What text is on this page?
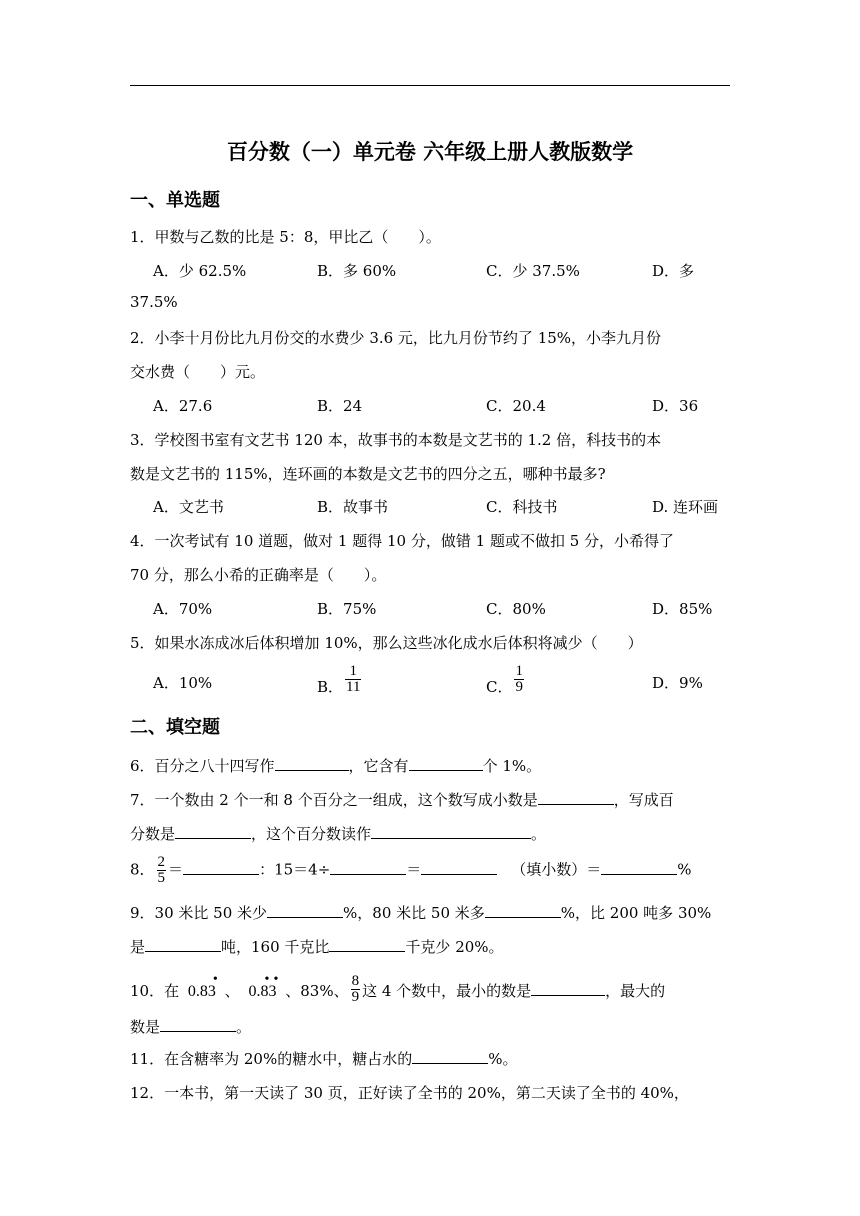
百分数（一）单元卷 六年级上册人教版数学
一、单选题
1．甲数与乙数的比是 5：8，甲比乙（　　）。
A．少 62.5%	B．多 60%	C．少 37.5%	D．多
37.5%
2．小李十月份比九月份交的水费少 3.6 元，比九月份节约了 15%，小李九月份
交水费（　　）元。
A．27.6	B．24	C．20.4	D．36
3．学校图书室有文艺书 120 本，故事书的本数是文艺书的 1.2 倍，科技书的本
数是文艺书的 115%，连环画的本数是文艺书的四分之五，哪种书最多?
A．文艺书	B．故事书	C．科技书	D. 连环画
4．一次考试有 10 道题，做对 1 题得 10 分，做错 1 题或不做扣 5 分，小希得了
70 分，那么小希的正确率是（　　）。
A．70%	B．75%	C．80%	D．85%
5．如果水冻成冰后体积增加 10%，那么这些冰化成水后体积将减少（　　）
A．10%	B． $\frac{1}{11}$	C． $\frac{1}{9}$	D．9%
二、填空题
6．百分之八十四写作	，它含有	个 1%。
7．一个数由 2 个一和 8 个百分之一组成，这个数写成小数是	，写成百
分数是	，这个百分数读作	。
8． $\frac{2}{5}$ ＝	：15＝4÷	＝	（填小数）＝	%
9．30 米比 50 米少	%，80 米比 50 米多	%，比 200 吨多 30%
是	吨，160 千克比	千克少 20%。
10．在
•
0.83 、
• •
0.83 、83%、 $\frac{8}{9}$ 这 4 个数中，最小的数是	，最大的
数是	。
11．在含糖率为 20%的糖水中，糖占水的	%。
12．一本书，第一天读了 30 页，正好读了全书的 20%，第二天读了全书的 40%，
